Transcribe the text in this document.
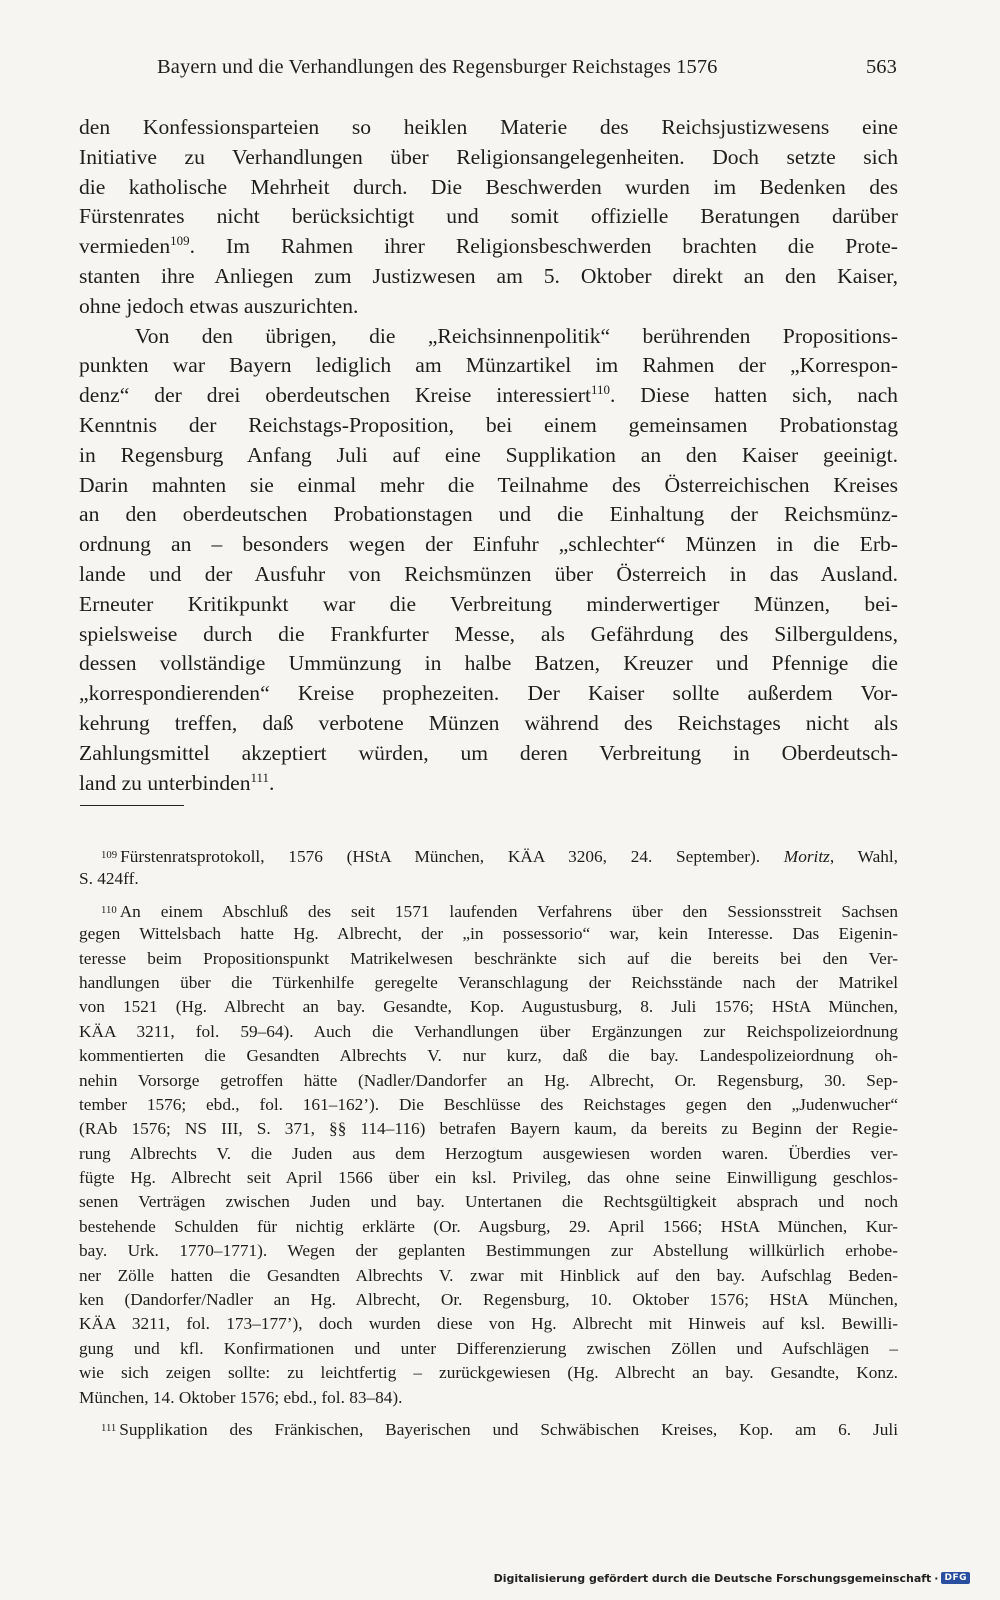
Bayern und die Verhandlungen des Regensburger Reichstages 1576	563
den Konfessionsparteien so heiklen Materie des Reichsjustizwesens eine
Initiative zu Verhandlungen über Religionsangelegenheiten. Doch setzte sich
die katholische Mehrheit durch. Die Beschwerden wurden im Bedenken des
Fürstenrates nicht berücksichtigt und somit offizielle Beratungen darüber
vermieden$^{109}$. Im Rahmen ihrer Religionsbeschwerden brachten die Prote-
stanten ihre Anliegen zum Justizwesen am 5. Oktober direkt an den Kaiser,
ohne jedoch etwas auszurichten.
Von den übrigen, die „Reichsinnenpolitik“ berührenden Propositions-
punkten war Bayern lediglich am Münzartikel im Rahmen der „Korrespon-
denz“ der drei oberdeutschen Kreise interessiert$^{110}$. Diese hatten sich, nach
Kenntnis der Reichstags-Proposition, bei einem gemeinsamen Probationstag
in Regensburg Anfang Juli auf eine Supplikation an den Kaiser geeinigt.
Darin mahnten sie einmal mehr die Teilnahme des Österreichischen Kreises
an den oberdeutschen Probationstagen und die Einhaltung der Reichsmünz-
ordnung an – besonders wegen der Einfuhr „schlechter“ Münzen in die Erb-
lande und der Ausfuhr von Reichsmünzen über Österreich in das Ausland.
Erneuter Kritikpunkt war die Verbreitung minderwertiger Münzen, bei-
spielsweise durch die Frankfurter Messe, als Gefährdung des Silberguldens,
dessen vollständige Ummünzung in halbe Batzen, Kreuzer und Pfennige die
„korrespondierenden“ Kreise prophezeiten. Der Kaiser sollte außerdem Vor-
kehrung treffen, daß verbotene Münzen während des Reichstages nicht als
Zahlungsmittel akzeptiert würden, um deren Verbreitung in Oberdeutsch-
land zu unterbinden$^{111}$.
$^{109}$ Fürstenratsprotokoll, 1576 (HStA München, KÄA 3206, 24. September). Moritz, Wahl,
S. 424ff.
$^{110}$ An einem Abschluß des seit 1571 laufenden Verfahrens über den Sessionsstreit Sachsen
gegen Wittelsbach hatte Hg. Albrecht, der „in possessorio“ war, kein Interesse. Das Eigenin-
teresse beim Propositionspunkt Matrikelwesen beschränkte sich auf die bereits bei den Ver-
handlungen über die Türkenhilfe geregelte Veranschlagung der Reichsstände nach der Matrikel
von 1521 (Hg. Albrecht an bay. Gesandte, Kop. Augustusburg, 8. Juli 1576; HStA München,
KÄA 3211, fol. 59–64). Auch die Verhandlungen über Ergänzungen zur Reichspolizeiordnung
kommentierten die Gesandten Albrechts V. nur kurz, daß die bay. Landespolizeiordnung oh-
nehin Vorsorge getroffen hätte (Nadler/Dandorfer an Hg. Albrecht, Or. Regensburg, 30. Sep-
tember 1576; ebd., fol. 161–162’). Die Beschlüsse des Reichstages gegen den „Judenwucher“
(RAb 1576; NS III, S. 371, §§ 114–116) betrafen Bayern kaum, da bereits zu Beginn der Regie-
rung Albrechts V. die Juden aus dem Herzogtum ausgewiesen worden waren. Überdies ver-
fügte Hg. Albrecht seit April 1566 über ein ksl. Privileg, das ohne seine Einwilligung geschlos-
senen Verträgen zwischen Juden und bay. Untertanen die Rechtsgültigkeit absprach und noch
bestehende Schulden für nichtig erklärte (Or. Augsburg, 29. April 1566; HStA München, Kur-
bay. Urk. 1770–1771). Wegen der geplanten Bestimmungen zur Abstellung willkürlich erhobe-
ner Zölle hatten die Gesandten Albrechts V. zwar mit Hinblick auf den bay. Aufschlag Beden-
ken (Dandorfer/Nadler an Hg. Albrecht, Or. Regensburg, 10. Oktober 1576; HStA München,
KÄA 3211, fol. 173–177’), doch wurden diese von Hg. Albrecht mit Hinweis auf ksl. Bewilli-
gung und kfl. Konfirmationen und unter Differenzierung zwischen Zöllen und Aufschlägen –
wie sich zeigen sollte: zu leichtfertig – zurückgewiesen (Hg. Albrecht an bay. Gesandte, Konz.
München, 14. Oktober 1576; ebd., fol. 83–84).
$^{111}$ Supplikation des Fränkischen, Bayerischen und Schwäbischen Kreises, Kop. am 6. Juli
Digitalisierung gefördert durch die Deutsche Forschungsgemeinschaft · DFG
